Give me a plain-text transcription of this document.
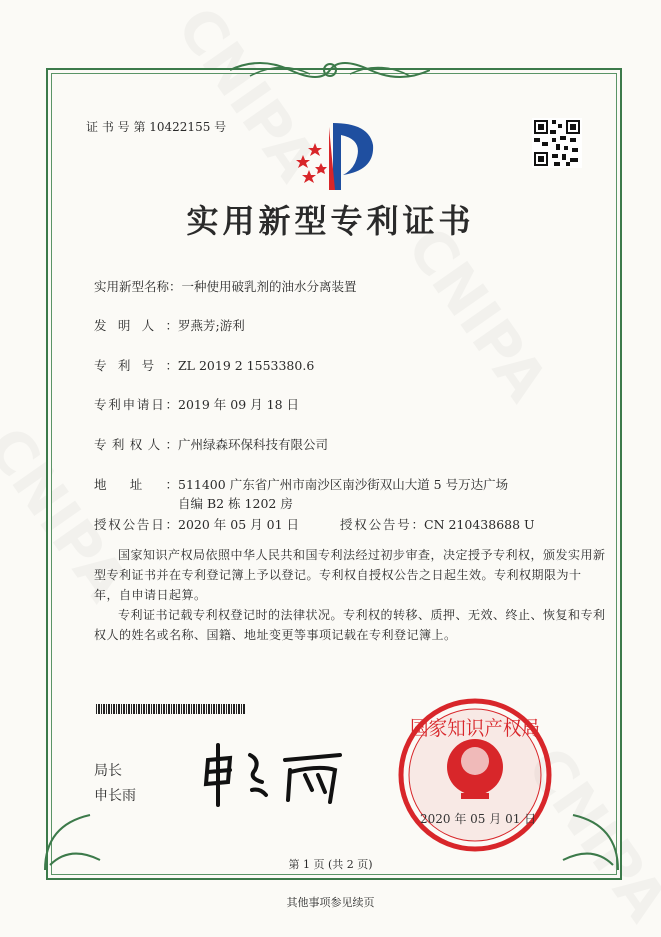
证 书 号 第 10422155 号
实用新型专利证书
实用新型名称：一种使用破乳剂的油水分离装置
发明人：罗燕芳;游利
专利号：ZL 2019 2 1553380.6
专利申请日：2019 年 09 月 18 日
专利权人：广州绿森环保科技有限公司
地址：511400 广东省广州市南沙区南沙街双山大道 5 号万达广场
自编 B2 栋 1202 房
授权公告日：2020 年 05 月 01 日	授权公告号：CN 210438688 U
国家知识产权局依照中华人民共和国专利法经过初步审查，决定授予专利权，颁发实用新型专利证书并在专利登记簿上予以登记。专利权自授权公告之日起生效。专利权期限为十年，自申请日起算。
专利证书记载专利权登记时的法律状况。专利权的转移、质押、无效、终止、恢复和专利权人的姓名或名称、国籍、地址变更等事项记载在专利登记簿上。
局长
申长雨
国家知识产权局
2020 年 05 月 01 日
第 1 页 (共 2 页)
其他事项参见续页
